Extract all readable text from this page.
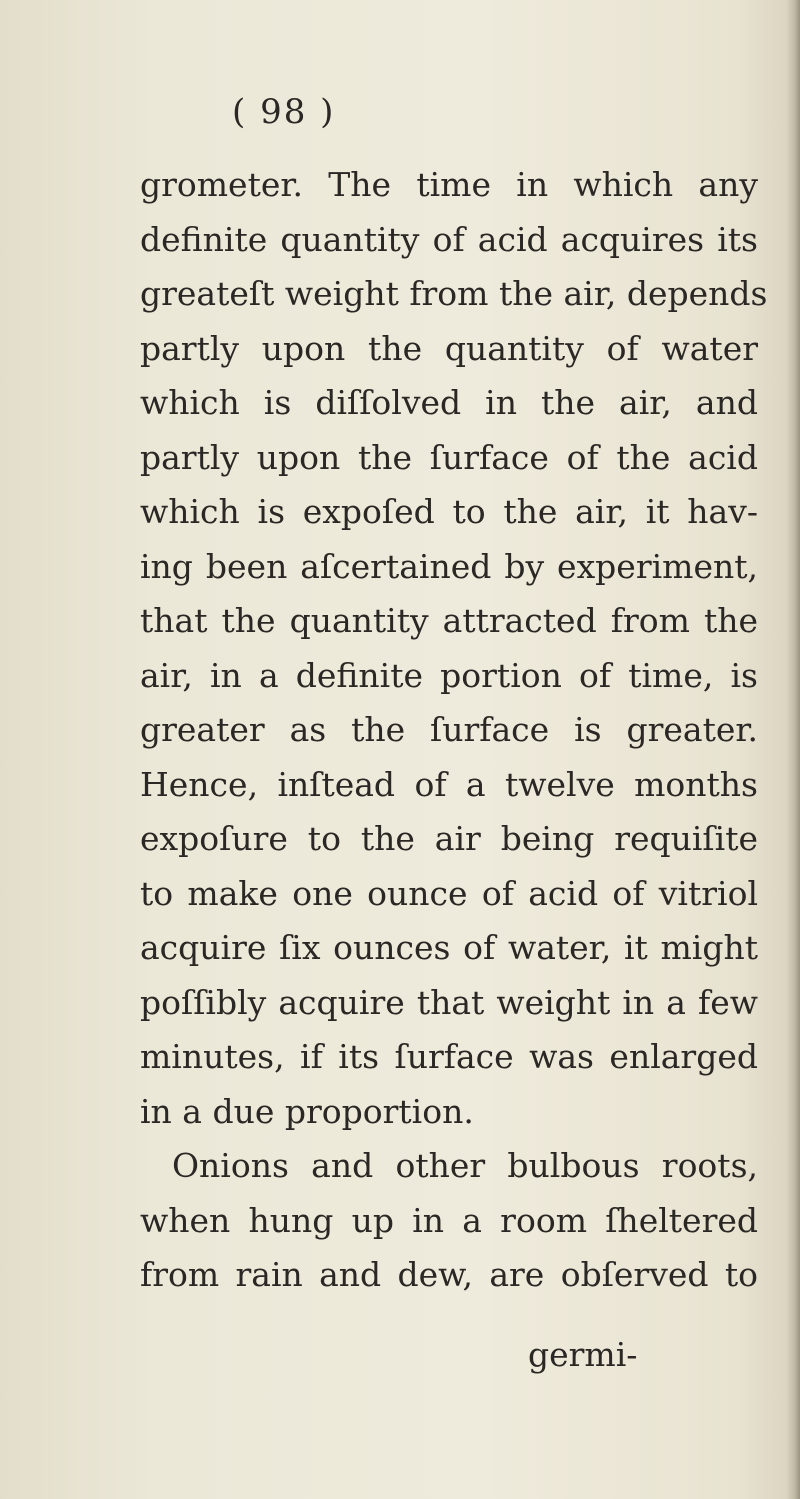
( 98 )
grometer. The time in which any
definite quantity of acid acquires its
greateſt weight from the air, depends
partly upon the quantity of water
which is diſſolved in the air, and
partly upon the ſurface of the acid
which is expoſed to the air, it hav-
ing been aſcertained by experiment,
that the quantity attracted from the
air, in a definite portion of time, is
greater as the ſurface is greater.
Hence, inſtead of a twelve months
expoſure to the air being requiſite
to make one ounce of acid of vitriol
acquire ſix ounces of water, it might
poſſibly acquire that weight in a few
minutes, if its ſurface was enlarged
in a due proportion.
Onions and other bulbous roots,
when hung up in a room ſheltered
from rain and dew, are obſerved to
germi-
